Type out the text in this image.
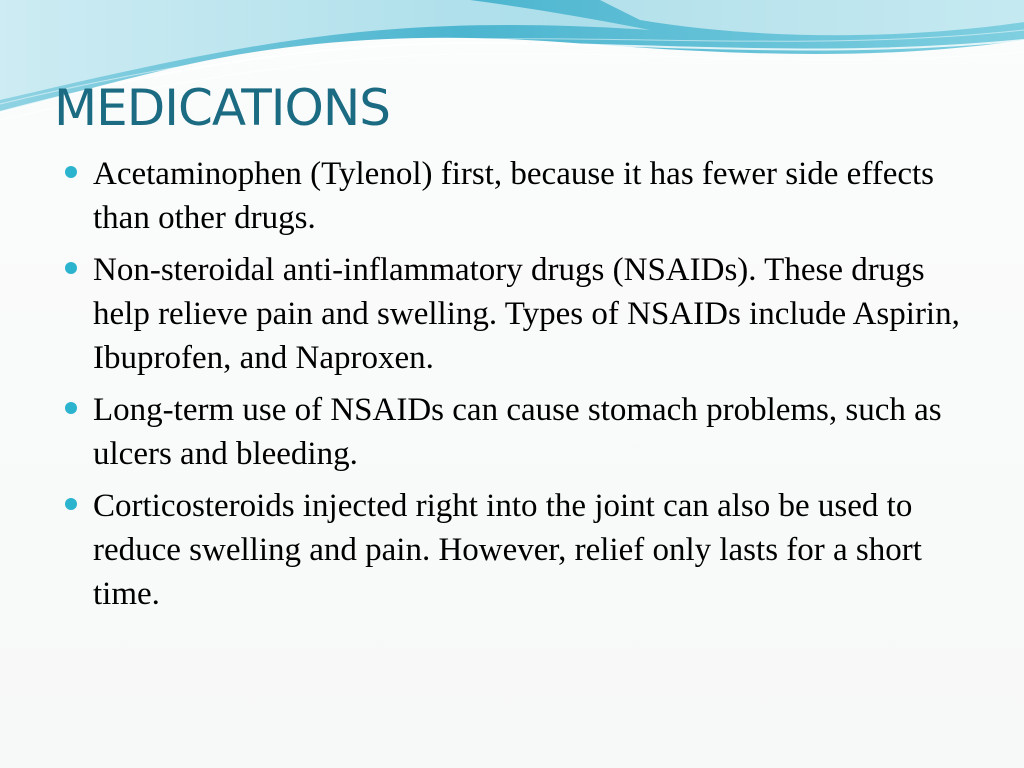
MEDICATIONS
Acetaminophen (Tylenol) first, because it has fewer side effects than other drugs.
Non-steroidal anti-inflammatory drugs (NSAIDs). These drugs help relieve pain and swelling. Types of NSAIDs include Aspirin, Ibuprofen, and Naproxen.
Long-term use of NSAIDs can cause stomach problems, such as ulcers and bleeding.
Corticosteroids injected right into the joint can also be used to reduce swelling and pain. However, relief only lasts for a short time.
